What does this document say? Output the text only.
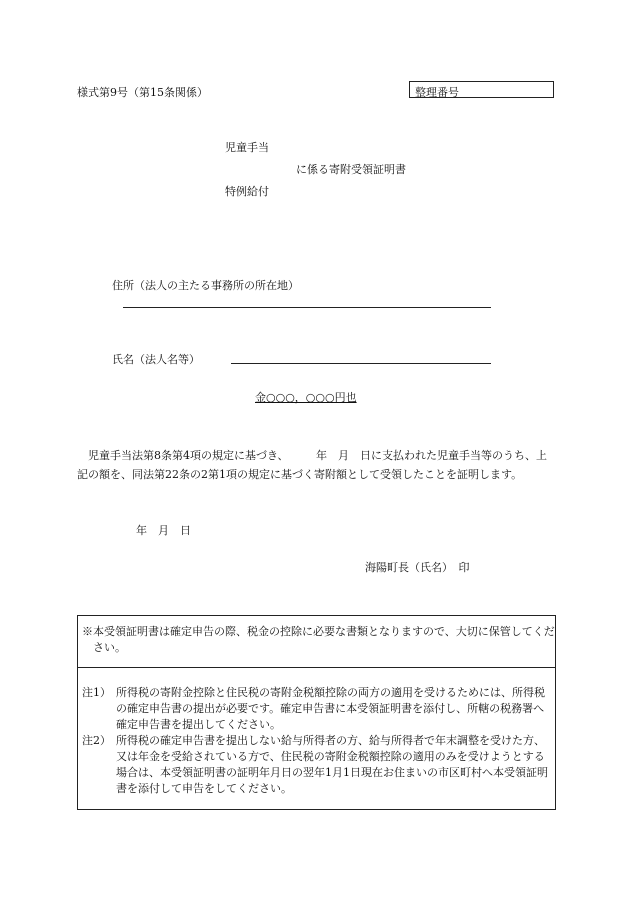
様式第9号（第15条関係）	整理番号
児童手当
に係る寄附受領証明書
特例給付
住所（法人の主たる事務所の所在地）
氏名（法人名等）
金○○○，○○○円也
児童手当法第8条第4項の規定に基づき、　　　年　月　日に支払われた児童手当等のうち、上記の額を、同法第22条の2第1項の規定に基づく寄附額として受領したことを証明します。
年　月　日
海陽町長（氏名）　印
※本受領証明書は確定申告の際、税金の控除に必要な書類となりますので、大切に保管してください。
注1） 所得税の寄附金控除と住民税の寄附金税額控除の両方の適用を受けるためには、所得税の確定申告書の提出が必要です。確定申告書に本受領証明書を添付し、所轄の税務署へ確定申告書を提出してください。
注2） 所得税の確定申告書を提出しない給与所得者の方、給与所得者で年末調整を受けた方、又は年金を受給されている方で、住民税の寄附金税額控除の適用のみを受けようとする場合は、本受領証明書の証明年月日の翌年1月1日現在お住まいの市区町村へ本受領証明書を添付して申告をしてください。
